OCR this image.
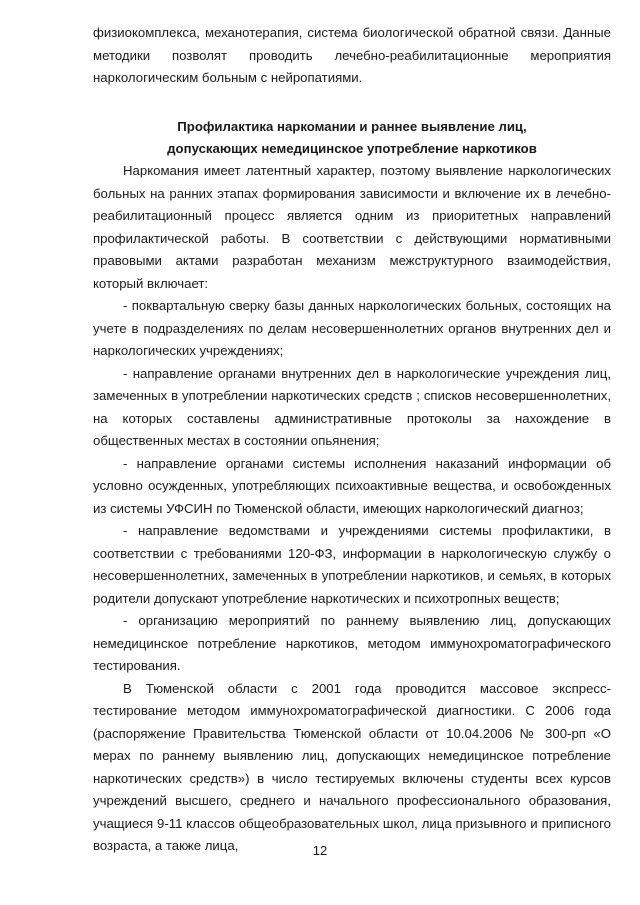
физиокомплекса, механотерапия, система биологической обратной связи. Данные методики позволят проводить лечебно-реабилитационные мероприятия наркологическим больным с нейропатиями.

Профилактика наркомании и раннее выявление лиц,
допускающих немедицинское употребление наркотиков

Наркомания имеет латентный характер, поэтому выявление наркологических больных на ранних этапах формирования зависимости и включение их в лечебно-реабилитационный процесс является одним из приоритетных направлений профилактической работы. В соответствии с действующими нормативными правовыми актами разработан механизм межструктурного взаимодействия, который включает:

- поквартальную сверку базы данных наркологических больных, состоящих на учете в подразделениях по делам несовершеннолетних органов внутренних дел и наркологических учреждениях;

- направление органами внутренних дел в наркологические учреждения лиц, замеченных в употреблении наркотических средств ; списков несовершеннолетних, на которых составлены административные протоколы за нахождение в общественных местах в состоянии опьянения;

- направление органами системы исполнения наказаний информации об условно осужденных, употребляющих психоактивные вещества, и освобожденных из системы УФСИН по Тюменской области, имеющих наркологический диагноз;

- направление ведомствами и учреждениями системы профилактики, в соответствии с требованиями 120-ФЗ, информации в наркологическую службу о несовершеннолетних, замеченных в употреблении наркотиков, и семьях, в которых родители допускают употребление наркотических и психотропных веществ;

- организацию мероприятий по раннему выявлению лиц, допускающих немедицинское потребление наркотиков, методом иммунохроматографического тестирования.

В Тюменской области с 2001 года проводится массовое экспресс-тестирование методом иммунохроматографической диагностики. С 2006 года (распоряжение Правительства Тюменской области от 10.04.2006 № 300-рп «О мерах по раннему выявлению лиц, допускающих немедицинское потребление наркотических средств») в число тестируемых включены студенты всех курсов учреждений высшего, среднего и начального профессионального образования, учащиеся 9-11 классов общеобразовательных школ, лица призывного и приписного возраста, а также лица,	12
